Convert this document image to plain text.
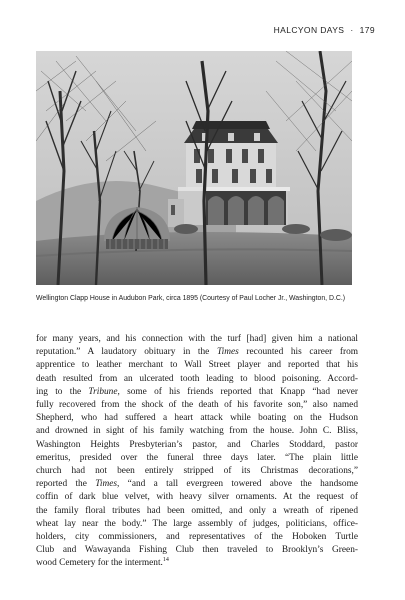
HALCYON DAYS · 179
Wellington Clapp House in Audubon Park, circa 1895 (Courtesy of Paul Locher Jr., Washington, D.C.)

for many years, and his connection with the turf [had] given him a national
reputation.” A laudatory obituary in the Times recounted his career from
apprentice to leather merchant to Wall Street player and reported that his
death resulted from an ulcerated tooth leading to blood poisoning. Accord-
ing to the Tribune, some of his friends reported that Knapp “had never
fully recovered from the shock of the death of his favorite son,” also named
Shepherd, who had suffered a heart attack while boating on the Hudson
and drowned in sight of his family watching from the house. John C. Bliss,
Washington Heights Presbyterian’s pastor, and Charles Stoddard, pastor
emeritus, presided over the funeral three days later. “The plain little
church had not been entirely stripped of its Christmas decorations,”
reported the Times, “and a tall evergreen towered above the handsome
coffin of dark blue velvet, with heavy silver ornaments. At the request of
the family floral tributes had been omitted, and only a wreath of ripened
wheat lay near the body.” The large assembly of judges, politicians, office-
holders, city commissioners, and representatives of the Hoboken Turtle
Club and Wawayanda Fishing Club then traveled to Brooklyn’s Green-
wood Cemetery for the interment.$^{14}$
